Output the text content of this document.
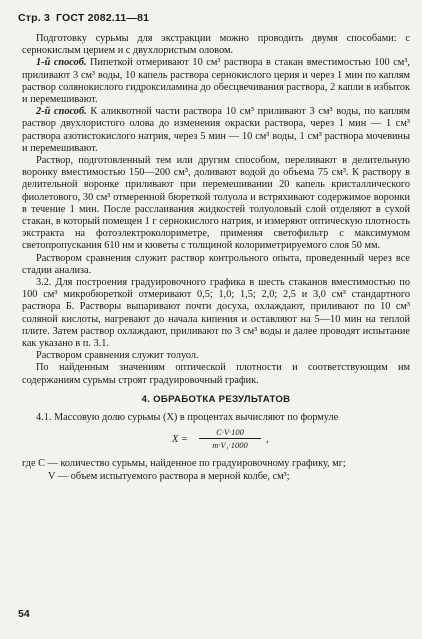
Стр. 3 ГОСТ 2082.11—81

Подготовку сурьмы для экстракции можно проводить двумя способами: с сернокислым церием и с двухлористым оловом.

1-й способ. Пипеткой отмеривают 10 см³ раствора в стакан вместимостью 100 см³, приливают 3 см³ воды, 10 капель раствора сернокислого церия и через 1 мин по каплям раствор солянокислого гидроксиламина до обесцвечивания раствора, 2 капли в избыток и перемешивают.

2-й способ. К аликвотной части раствора 10 см³ приливают 3 см³ воды, по каплям раствор двухлористого олова до изменения окраски раствора, через 1 мин — 1 см³ раствора азотистокислого натрия, через 5 мин — 10 см³ воды, 1 см³ раствора мочевины и перемешивают.

Раствор, подготовленный тем или другим способом, переливают в делительную воронку вместимостью 150—200 см³, доливают водой до объема 75 см³. К раствору в делительной воронке приливают при перемешивании 20 капель кристаллического фиолетового, 30 см³ отмеренной бюреткой толуола и встряхивают содержимое воронки в течение 1 мин. После расслаивания жидкостей толуоловый слой отделяют в сухой стакан, в который помещен 1 г сернокислого натрия, и измеряют оптическую плотность экстракта на фотоэлектроколориметре, применяя светофильтр с максимумом светопропускания 610 нм и кюветы с толщиной колориметрируемого слоя 50 мм.

Раствором сравнения служит раствор контрольного опыта, проведенный через все стадии анализа.

3.2. Для построения градуировочного графика в шесть стаканов вместимостью по 100 см³ микробюреткой отмеривают 0,5; 1,0; 1,5; 2,0; 2,5 и 3,0 см³ стандартного раствора Б. Растворы выпаривают почти досуха, охлаждают, приливают по 10 см³ соляной кислоты, нагревают до начала кипения и оставляют на 5—10 мин на теплой плите. Затем раствор охлаждают, приливают по 3 см³ воды и далее проводят испытание как указано в п. 3.1.

Раствором сравнения служит толуол.

По найденным значениям оптической плотности и соответствующим им содержаниям сурьмы строят градуировочный график.

4. ОБРАБОТКА РЕЗУЛЬТАТОВ

4.1. Массовую долю сурьмы (X) в процентах вычисляют по формуле

$X = \frac{C\cdot V\cdot 100}{\text{m·V₁·1000}}$ ,
где
C —
количество сурьмы, найденное по градуировочному графику, мг;
V —
объем испытуемого раствора в мерной колбе, см³;
54
